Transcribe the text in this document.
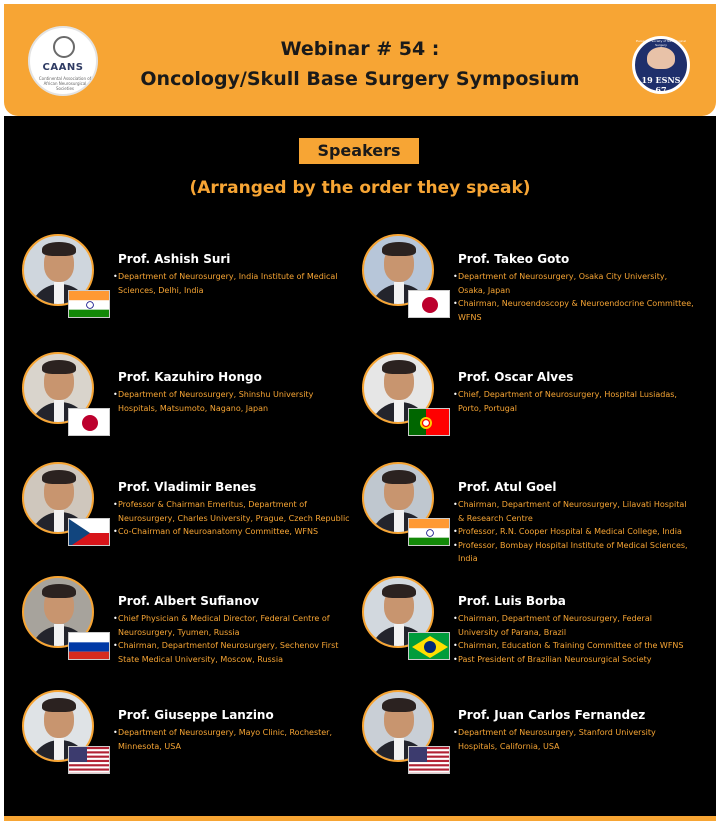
CAANS
Continental Association of African Neurosurgical Societies
European Society of Neurological Surgery
19 ESNS 67
Webinar # 54 :
Oncology/Skull Base Surgery Symposium
Speakers
(Arranged by the order they speak)
Prof. Ashish Suri
• Department of Neurosurgery, India Institute of Medical Sciences, Delhi, India
Prof. Takeo Goto
• Department of Neurosurgery, Osaka City University, Osaka, Japan
• Chairman, Neuroendoscopy & Neuroendocrine Committee, WFNS
Prof. Kazuhiro Hongo
• Department of Neurosurgery, Shinshu University Hospitals, Matsumoto, Nagano, Japan
Prof. Oscar Alves
• Chief, Department of Neurosurgery, Hospital Lusiadas, Porto, Portugal
Prof. Vladimir Benes
• Professor & Chairman Emeritus, Department of Neurosurgery, Charles University, Prague, Czech Republic
• Co-Chairman of Neuroanatomy Committee, WFNS
Prof. Atul Goel
• Chairman, Department of Neurosurgery, Lilavati Hospital & Research Centre
• Professor, R.N. Cooper Hospital & Medical College, India
• Professor, Bombay Hospital Institute of Medical Sciences, India
Prof. Albert Sufianov
• Chief Physician & Medical Director, Federal Centre of Neurosurgery, Tyumen, Russia
• Chairman, Departmentof Neurosurgery, Sechenov First State Medical University, Moscow, Russia
Prof. Luis Borba
• Chairman, Department of Neurosurgery, Federal University of Parana, Brazil
• Chairman, Education & Training Committee of the WFNS
• Past President of Brazilian Neurosurgical Society
Prof. Giuseppe Lanzino
• Department of Neurosurgery, Mayo Clinic, Rochester, Minnesota, USA
Prof. Juan Carlos Fernandez
• Department of Neurosurgery, Stanford University Hospitals, California, USA
